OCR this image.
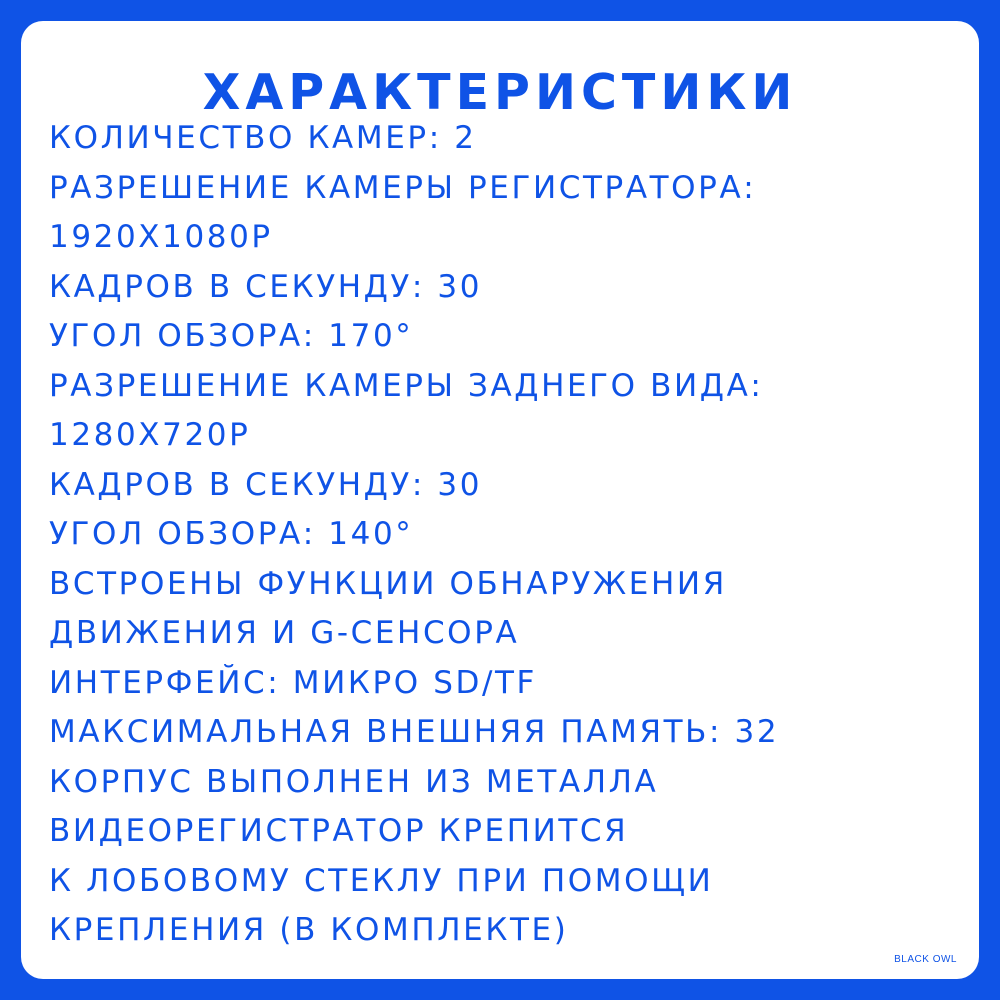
ХАРАКТЕРИСТИКИ
КОЛИЧЕСТВО КАМЕР: 2
РАЗРЕШЕНИЕ КАМЕРЫ РЕГИСТРАТОРА:
1920X1080P
КАДРОВ В СЕКУНДУ: 30
УГОЛ ОБЗОРА: 170°
РАЗРЕШЕНИЕ КАМЕРЫ ЗАДНЕГО ВИДА:
1280X720P
КАДРОВ В СЕКУНДУ: 30
УГОЛ ОБЗОРА: 140°
ВСТРОЕНЫ ФУНКЦИИ ОБНАРУЖЕНИЯ
ДВИЖЕНИЯ И G-СЕНСОРА
ИНТЕРФЕЙС: МИКРО SD/TF
МАКСИМАЛЬНАЯ ВНЕШНЯЯ ПАМЯТЬ: 32
КОРПУС ВЫПОЛНЕН ИЗ МЕТАЛЛА
ВИДЕОРЕГИСТРАТОР КРЕПИТСЯ
К ЛОБОВОМУ СТЕКЛУ ПРИ ПОМОЩИ
КРЕПЛЕНИЯ (В КОМПЛЕКТЕ)
BLACK OWL
